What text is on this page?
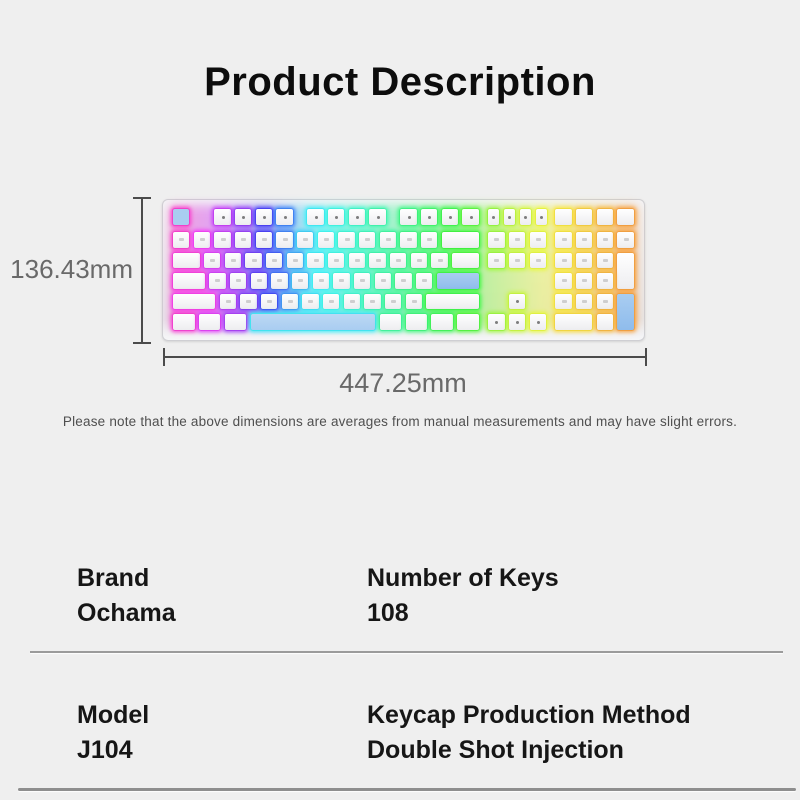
Product Description
136.43mm
447.25mm

Please note that the above dimensions are averages from manual measurements and may have slight errors.

Brand
Ochama
Number of Keys
108
Model
J104
Keycap Production Method
Double Shot Injection
